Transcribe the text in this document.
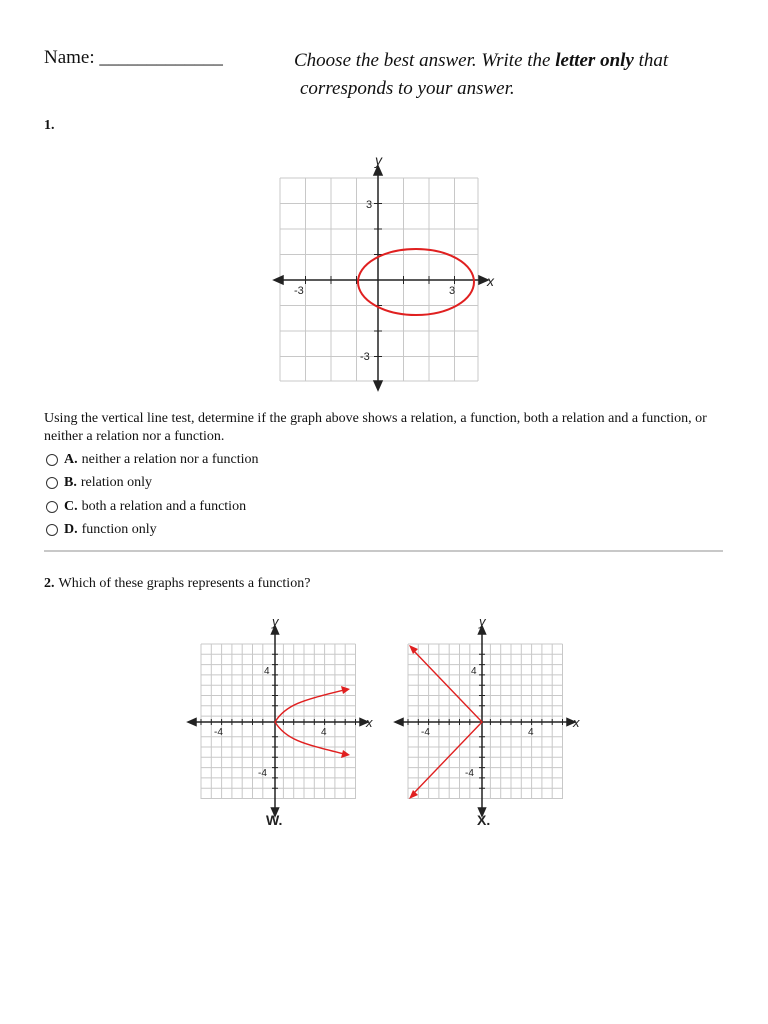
Name: _____________	Choose the best answer. Write the letter only that
corresponds to your answer.
1.
x
y
-3	3
3
-3
Using the vertical line test, determine if the graph above shows a relation, a function, both a relation and a function, or neither a relation nor a function.
A. neither a relation nor a function
B. relation only
C. both a relation and a function
D. function only
2. Which of these graphs represents a function?
x
y
-4	4
4
-4
W.
x
y
-4	4
4
-4
X.
